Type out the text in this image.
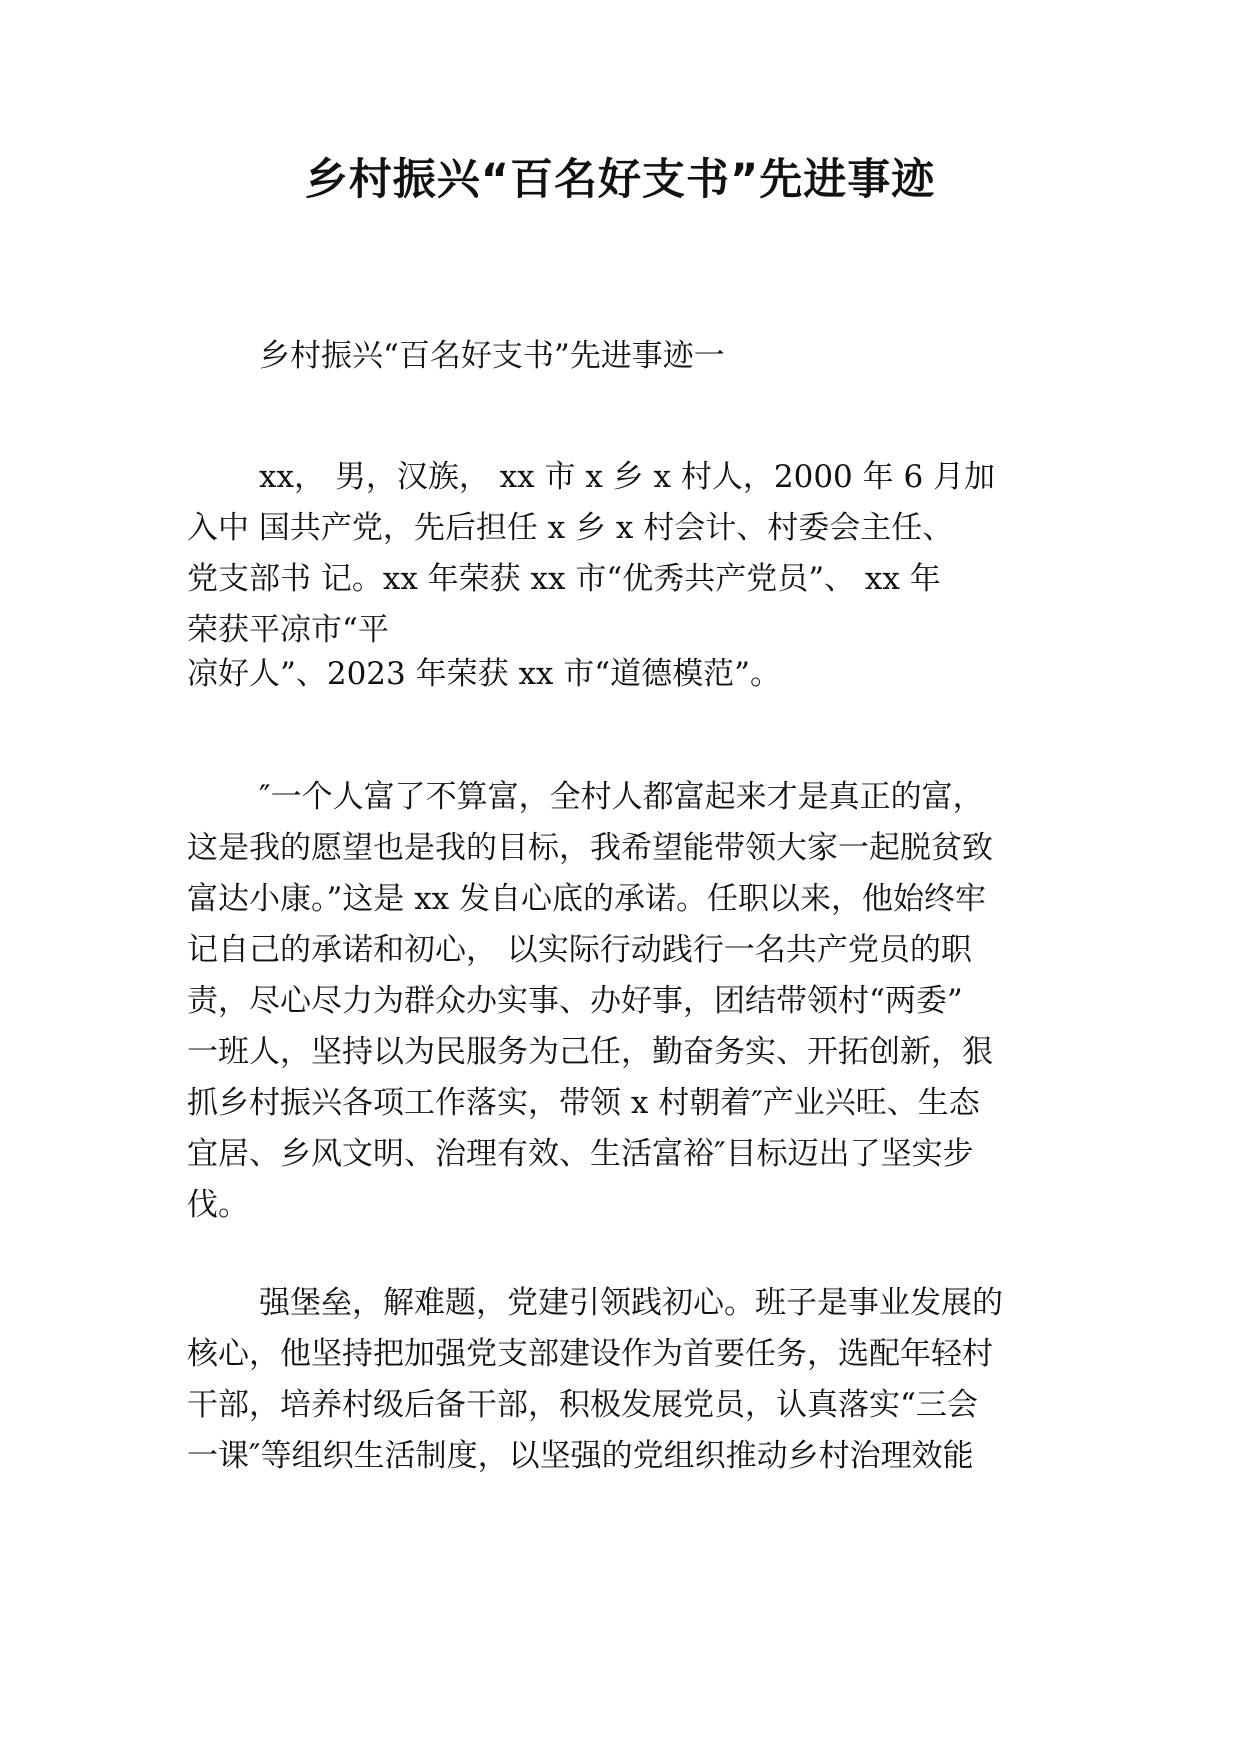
乡村振兴“百名好支书”先进事迹

乡村振兴“百名好支书”先进事迹一

xx， 男，汉族， xx 市 x 乡 x 村人，2000 年 6 月加
入中 国共产党，先后担任 x 乡 x 村会计、村委会主任、
党支部书 记。xx 年荣获 xx 市“优秀共产党员”、 xx 年
荣获平凉市“平
凉好人”、2023 年荣获 xx 市“道德模范”。
″一个人富了不算富，全村人都富起来才是真正的富，
这是我的愿望也是我的目标，我希望能带领大家一起脱贫致
富达小康。”这是 xx 发自心底的承诺。任职以来，他始终牢
记自己的承诺和初心， 以实际行动践行一名共产党员的职
责，尽心尽力为群众办实事、办好事，团结带领村“两委”
一班人，坚持以为民服务为己任，勤奋务实、开拓创新，狠
抓乡村振兴各项工作落实，带领 x 村朝着″产业兴旺、生态
宜居、乡风文明、治理有效、生活富裕″目标迈出了坚实步
伐。
强堡垒，解难题，党建引领践初心。班子是事业发展的
核心，他坚持把加强党支部建设作为首要任务，选配年轻村
干部，培养村级后备干部，积极发展党员，认真落实“三会
一课″等组织生活制度，以坚强的党组织推动乡村治理效能
